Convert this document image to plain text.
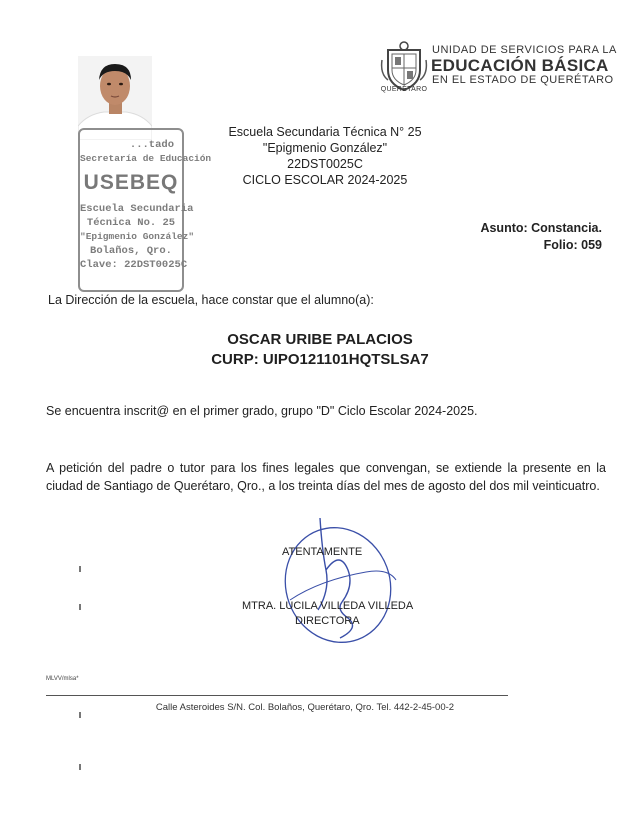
QUERÉTARO
UNIDAD DE SERVICIOS PARA LA
EDUCACIÓN BÁSICA
EN EL ESTADO DE QUERÉTARO
...tado
Secretaría de Educación
USEBEQ
Escuela Secundaria
Técnica No. 25
"Epigmenio González"
Bolaños, Qro.
Clave: 22DST0025C
Escuela Secundaria Técnica N° 25
"Epigmenio González"
22DST0025C
CICLO ESCOLAR 2024-2025
Asunto: Constancia.
Folio: 059
La Dirección de la escuela, hace constar que el alumno(a):
OSCAR URIBE PALACIOS
CURP: UIPO121101HQTSLSA7
Se encuentra inscrit@ en el primer grado, grupo "D" Ciclo Escolar 2024-2025.
A petición del padre o tutor para los fines legales que convengan, se extiende la presente en la ciudad de Santiago de Querétaro, Qro., a los treinta días del mes de agosto del dos mil veinticuatro.
ATENTAMENTE
MTRA. LUCILA VILLEDA VILLEDA
DIRECTORA
MLVV/mlsa*
Calle Asteroides S/N. Col. Bolaños, Querétaro, Qro. Tel. 442-2-45-00-2
